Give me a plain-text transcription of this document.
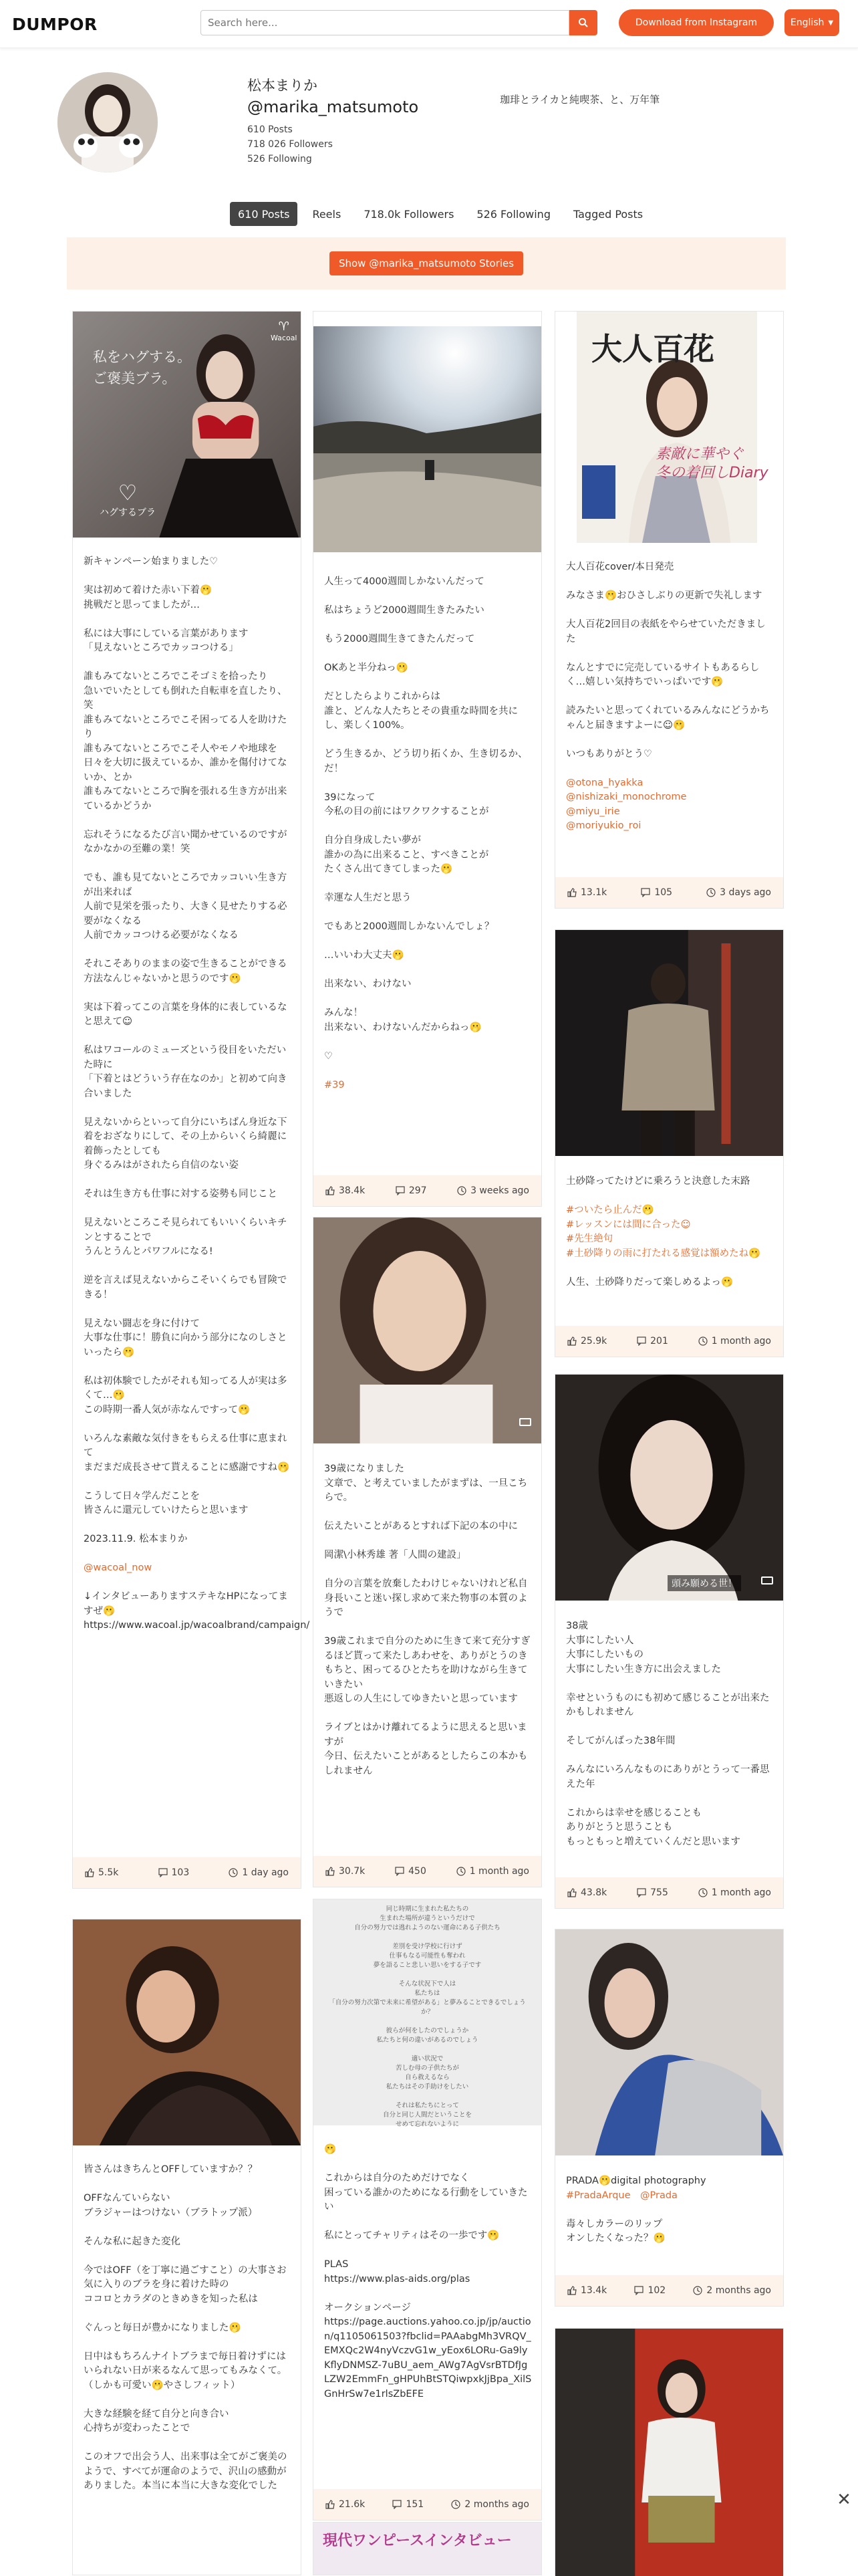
DUMPOR
Search here...	Download from Instagram	English ▼
松本まりか
@marika_matsumoto
610 Posts
718 026 Followers
526 Following
珈琲とライカと純喫茶、と、万年筆
610 Posts	Reels	718.0k Followers	526 Following	Tagged Posts
Show @marika_matsumoto Stories
♈
Wacoal
私をハグする。
ご褒美ブラ。
♡
ハグするブラ
新キャンペーン始まりました♡

実は初めて着けた赤い下着🫢
挑戦だと思ってましたが…

私には大事にしている言葉があります
「見えないところでカッコつける」

誰もみてないところでこそゴミを拾ったり
急いでいたとしても倒れた自転車を直したり、笑
誰もみてないところでこそ困ってる人を助けたり
誰もみてないところでこそ人やモノや地球を
日々を大切に扱えているか、誰かを傷付けてないか、とか
誰もみてないところで胸を張れる生き方が出来ているかどうか

忘れそうになるたび言い聞かせているのですが
なかなかの至難の業！笑

でも、誰も見てないところでカッコいい生き方が出来れば
人前で見栄を張ったり、大きく見せたりする必要がなくなる
人前でカッコつける必要がなくなる

それこそありのままの姿で生きることができる方法なんじゃないかと思うのです🫢

実は下着ってこの言葉を身体的に表しているなと思えて☺︎

私はワコールのミューズという役目をいただいた時に
「下着とはどういう存在なのか」と初めて向き合いました

見えないからといって自分にいちばん身近な下着をおざなりにして、その上からいくら綺麗に着飾ったとしても
身ぐるみはがされたら自信のない姿

それは生き方も仕事に対する姿勢も同じこと

見えないところこそ見られてもいいくらいキチンとすることで
うんとうんとパワフルになる!

逆を言えば見えないからこそいくらでも冒険できる！

見えない闘志を身に付けて
大事な仕事に！勝負に向かう部分になのしさといったら🫢

私は初体験でしたがそれも知ってる人が実は多くて…🫢
この時期一番人気が赤なんですって🫢

いろんな素敵な気付きをもらえる仕事に恵まれて
まだまだ成長させて貰えることに感謝ですね🫢

こうして日々学んだことを
皆さんに還元していけたらと思います

2023.11.9. 松本まりか

@wacoal_now

↓インタビューありますステキなHPになってますぜ🫢
https://www.wacoal.jp/wacoalbrand/campaign/
5.5k	103	1 day ago
皆さんはきちんとOFFしていますか？？

OFFなんていらない
ブラジャーはつけない（ブラトップ派）

そんな私に起きた変化

今ではOFF（を丁寧に過ごすこと）の大事さお気に入りのブラを身に着けた時の
ココロとカラダのときめきを知った私は

ぐんっと毎日が豊かになりました🫢

日中はもちろんナイトブラまで毎日着けずにはいられない日が来るなんて思ってもみなくて。（しかも可愛い🫢やさしフィット）

大きな経験を経て自分と向き合い
心持ちが変わったことで

このオフで出会う人、出来事は全てがご褒美のようで、すべてが運命のようで、沢山の感動がありました。本当に本当に大きな変化でした
人生って4000週間しかないんだって

私はちょうど2000週間生きたみたい

もう2000週間生きてきたんだって

OKあと半分ねっ🫢

だとしたらよりこれからは
誰と、どんな人たちとその貴重な時間を共にし、楽しく100%。

どう生きるか、どう切り拓くか、生き切るか、だ！

39になって
今私の目の前にはワクワクすることが

自分自身成したい夢が
誰かの為に出来ること、すべきことが
たくさん出てきてしまった🫢

幸運な人生だと思う

でもあと2000週間しかないんでしょ？

…いいわ大丈夫🫢

出来ない、わけない

みんな！
出来ない、わけないんだからねっ🫢

♡

#39
38.4k	297	3 weeks ago
39歳になりました
文章で、と考えていましたがまずは、一旦こちらで。

伝えたいことがあるとすれば下記の本の中に

岡潔\小林秀雄 著「人間の建設」

自分の言葉を放棄したわけじゃないけれど私自身長いこと迷い探し求めて来た物事の本質のようで

39歳これまで自分のために生きて来て充分すぎるほど貰って来たしあわせを、ありがとうのきもちと、困ってるひとたちを助けながら生きていきたい
悪返しの人生にしてゆきたいと思っています

ライブとはかけ離れてるように思えると思いますが
今日、伝えたいことがあるとしたらこの本かもしれません
30.7k	450	1 month ago
同じ時期に生まれた私たちの
生まれた場所が違うというだけで
自分の努力では逃れようのない運命にある子供たち

差別を受け学校に行けず
仕事もなる可能性も奪われ
夢を語ること悲しい思いをする子です

そんな状況下で人は
私たちは
「自分の努力次第で未来に希望がある」と夢みることできるでしょうか？

彼らが何をしたのでしょうか
私たちと何の違いがあるのでしょう

適い状況で
苦しむ母の子供たちが
自ら救えるなら
私たちはその手助けをしたい

それは私たちにとって
自分と同じ人間だということを
せめて忘れないように
🫢

これからは自分のためだけでなく
困っている誰かのためになる行動をしていきたい

私にとってチャリティはその一歩です🫢

PLAS
https://www.plas-aids.org/plas

オークションページ
https://page.auctions.yahoo.co.jp/jp/auction/q1105061503?fbclid=PAAabgMh3VRQV_EMXQc2W4nyVczvG1w_yEox6LORu-Ga9lyKflyDNMSZ-7uBU_aem_AWg7AgVsrBTDfJgLZW2EmmFn_gHPUhBtSTQiwpxkJjBpa_XilSGnHrSw7e1rlsZbEFE
21.6k	151	2 months ago
現代ワンピースインタビュー
大人百花
素敵に華やぐ
冬の着回しDiary
大人百花cover/本日発売

みなさま🫢おひさしぶりの更新で失礼します

大人百花2回目の表紙をやらせていただきました

なんとすでに完売しているサイトもあるらしく…嬉しい気持ちでいっぱいです🫢

読みたいと思ってくれているみんなにどうかちゃんと届きますよーに☺︎🫢

いつもありがとう♡

@otona_hyakka
@nishizaki_monochrome
@miyu_irie
@moriyukio_roi
13.1k	105	3 days ago
土砂降ってたけどに乗ろうと決意した末路

#ついたら止んだ🫢
#レッスンには間に合った☺︎
#先生絶句
#土砂降りの雨に打たれる感覚は額めたね🫢

人生、土砂降りだって楽しめるよっ🫢
25.9k	201	1 month ago
頭み願める世！
38歳
大事にしたい人
大事にしたいもの
大事にしたい生き方に出会えました

幸せというものにも初めて感じることが出来たかもしれません

そしてがんばった38年間

みんなにいろんなものにありがとうって一番思えた年

これからは幸せを感じることも
ありがとうと思うことも
もっともっと増えていくんだと思います
43.8k	755	1 month ago
PRADA🫢digital photography
#PradaArque　 @Prada

毒々しカラーのリップ
オンしたくなった？🫢
13.4k	102	2 months ago
✕
